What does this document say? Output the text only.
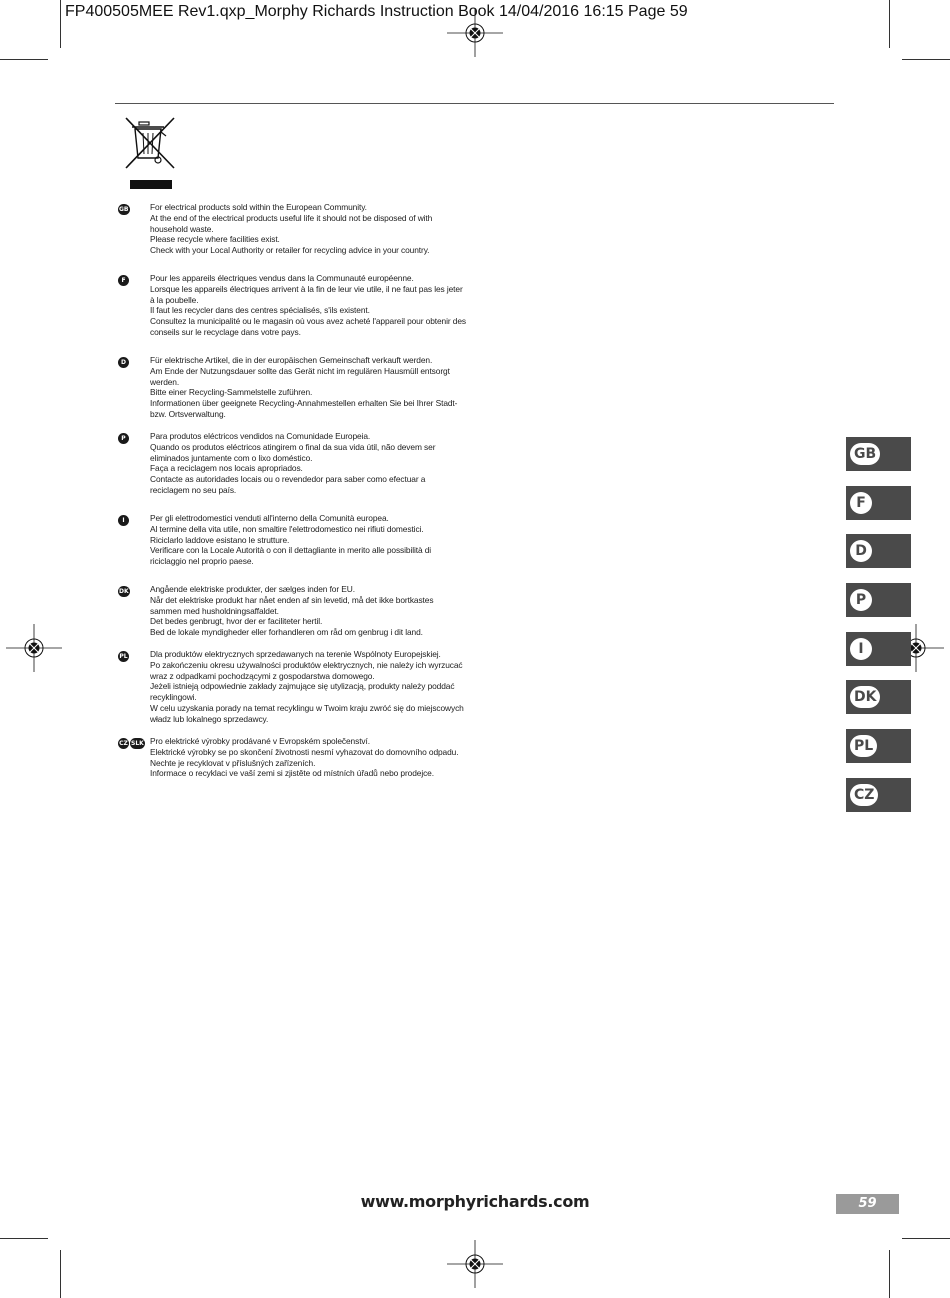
FP400505MEE Rev1.qxp_Morphy Richards Instruction Book 14/04/2016 16:15 Page 59
GB	For electrical products sold within the European Community.
At the end of the electrical products useful life it should not be disposed of with
household waste.
Please recycle where facilities exist.
Check with your Local Authority or retailer for recycling advice in your country.
F	Pour les appareils électriques vendus dans la Communauté européenne.
Lorsque les appareils électriques arrivent à la fin de leur vie utile, il ne faut pas les jeter
à la poubelle.
Il faut les recycler dans des centres spécialisés, s'ils existent.
Consultez la municipalité ou le magasin où vous avez acheté l'appareil pour obtenir des
conseils sur le recyclage dans votre pays.
D	Für elektrische Artikel, die in der europäischen Gemeinschaft verkauft werden.
Am Ende der Nutzungsdauer sollte das Gerät nicht im regulären Hausmüll entsorgt
werden.
Bitte einer Recycling-Sammelstelle zuführen.
Informationen über geeignete Recycling-Annahmestellen erhalten Sie bei Ihrer Stadt-
bzw. Ortsverwaltung.
P	Para produtos eléctricos vendidos na Comunidade Europeia.
Quando os produtos eléctricos atingirem o final da sua vida útil, não devem ser
eliminados juntamente com o lixo doméstico.
Faça a reciclagem nos locais apropriados.
Contacte as autoridades locais ou o revendedor para saber como efectuar a
reciclagem no seu país.
I	Per gli elettrodomestici venduti all'interno della Comunità europea.
Al termine della vita utile, non smaltire l'elettrodomestico nei rifiuti domestici.
Riciclarlo laddove esistano le strutture.
Verificare con la Locale Autorità o con il dettagliante in merito alle possibilità di
riciclaggio nel proprio paese.
DK	Angående elektriske produkter, der sælges inden for EU.
Når det elektriske produkt har nået enden af sin levetid, må det ikke bortkastes
sammen med husholdningsaffaldet.
Det bedes genbrugt, hvor der er faciliteter hertil.
Bed de lokale myndigheder eller forhandleren om råd om genbrug i dit land.
PL	Dla produktów elektrycznych sprzedawanych na terenie Wspólnoty Europejskiej.
Po zakończeniu okresu używalności produktów elektrycznych, nie należy ich wyrzucać
wraz z odpadkami pochodzącymi z gospodarstwa domowego.
Jeżeli istnieją odpowiednie zakłady zajmujące się utylizacją, produkty należy poddać
recyklingowi.
W celu uzyskania porady na temat recyklingu w Twoim kraju zwróć się do miejscowych
władz lub lokalnego sprzedawcy.
CZ SLK Pro elektrické výrobky prodávané v Evropském společenství.
Elektrické výrobky se po skončení životnosti nesmí vyhazovat do domovního odpadu.
Nechte je recyklovat v příslušných zařízeních.
Informace o recyklaci ve vaší zemi si zjistěte od místních úřadů nebo prodejce.
GB
F
D
P
I
DK
PL
CZ
www.morphyrichards.com	59
